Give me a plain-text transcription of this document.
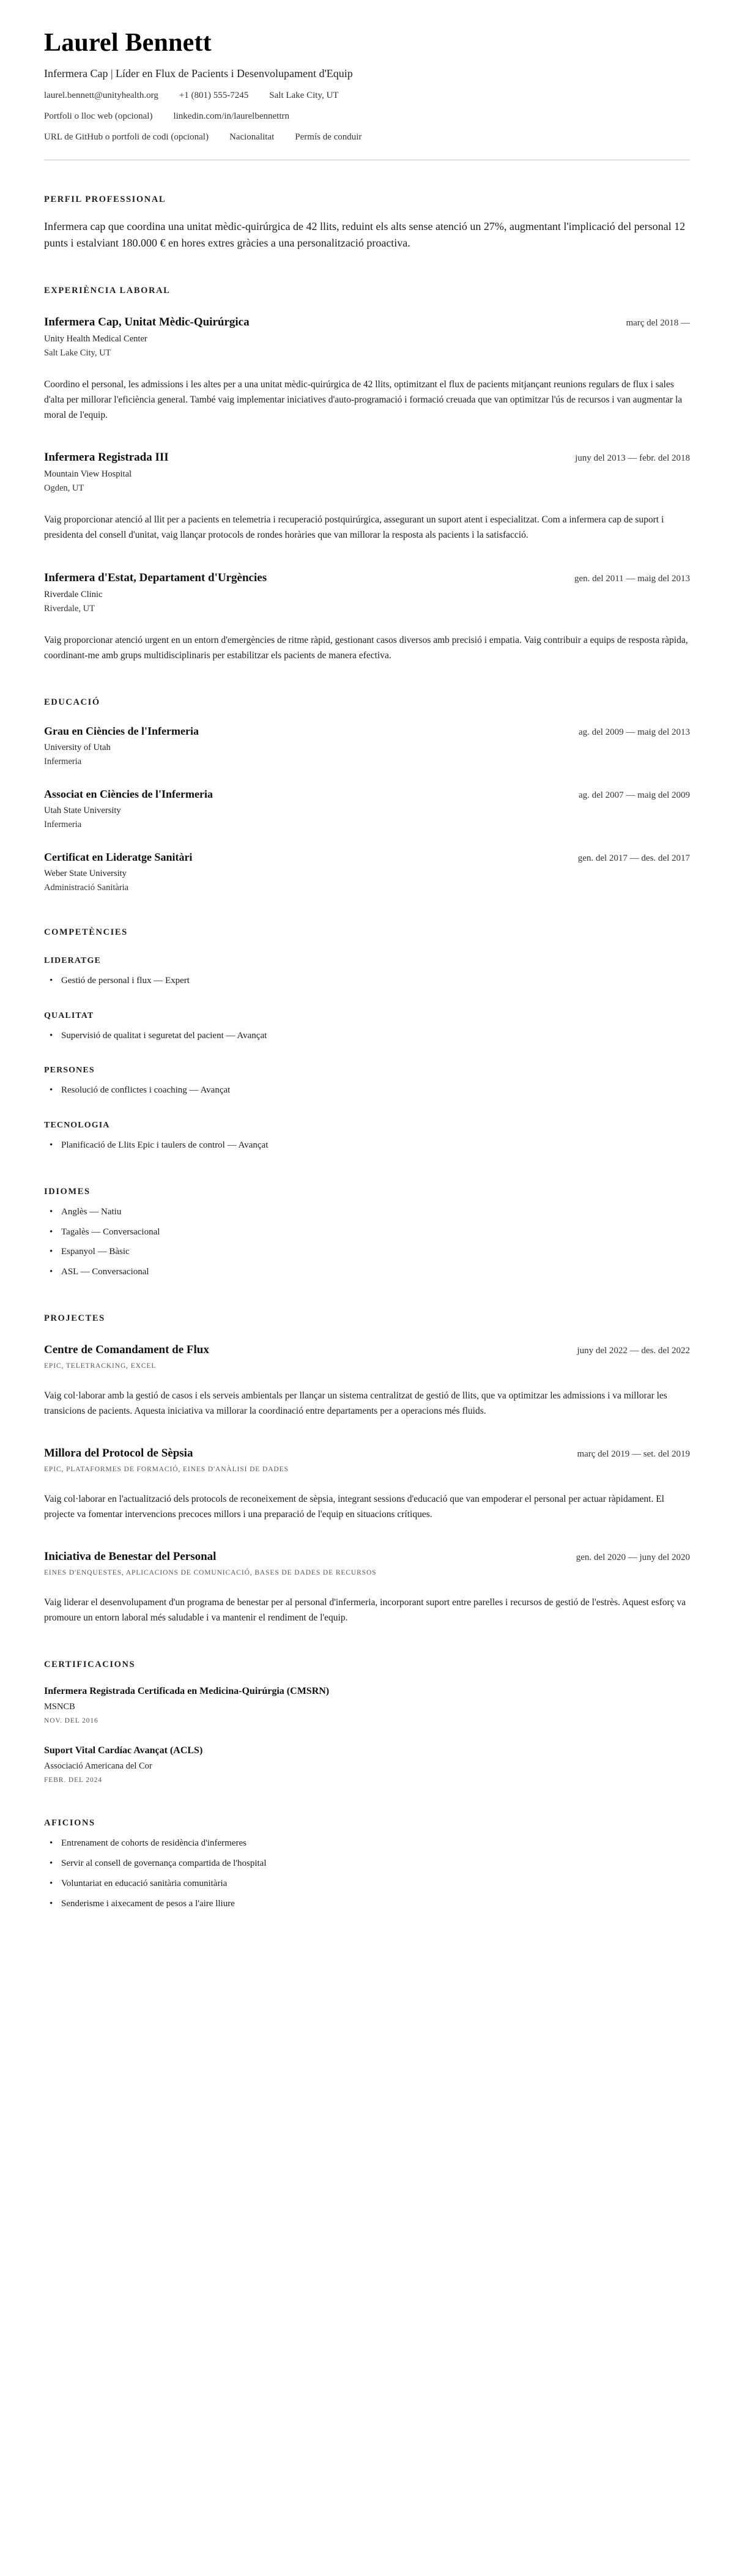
Laurel Bennett

Infermera Cap | Líder en Flux de Pacients i Desenvolupament d'Equip

laurel.bennett@unityhealth.org +1 (801) 555-7245 Salt Lake City, UT
Portfoli o lloc web (opcional) linkedin.com/in/laurelbennettrn
URL de GitHub o portfoli de codi (opcional) Nacionalitat Permís de conduir
PERFIL PROFESSIONAL

Infermera cap que coordina una unitat mèdic-quirúrgica de 42 llits, reduint els alts sense atenció un 27%, augmentant l'implicació del personal 12 punts i estalviant 180.000 € en hores extres gràcies a una personalització proactiva.

EXPERIÈNCIA LABORAL
Infermera Cap, Unitat Mèdic-Quirúrgica	març del 2018 —

Unity Health Medical Center

Salt Lake City, UT

Coordino el personal, les admissions i les altes per a una unitat mèdic-quirúrgica de 42 llits, optimitzant el flux de pacients mitjançant reunions regulars de flux i sales d'alta per millorar l'eficiència general. També vaig implementar iniciatives d'auto-programació i formació creuada que van optimitzar l'ús de recursos i van augmentar la moral de l'equip.

Infermera Registrada III	juny del 2013 — febr. del 2018

Mountain View Hospital

Ogden, UT

Vaig proporcionar atenció al llit per a pacients en telemetria i recuperació postquirúrgica, assegurant un suport atent i especialitzat. Com a infermera cap de suport i presidenta del consell d'unitat, vaig llançar protocols de rondes horàries que van millorar la resposta als pacients i la satisfacció.

Infermera d'Estat, Departament d'Urgències	gen. del 2011 — maig del 2013

Riverdale Clinic

Riverdale, UT

Vaig proporcionar atenció urgent en un entorn d'emergències de ritme ràpid, gestionant casos diversos amb precisió i empatia. Vaig contribuir a equips de resposta ràpida, coordinant-me amb grups multidisciplinaris per estabilitzar els pacients de manera efectiva.

EDUCACIÓ
Grau en Ciències de l'Infermeria	ag. del 2009 — maig del 2013

University of Utah

Infermeria

Associat en Ciències de l'Infermeria	ag. del 2007 — maig del 2009

Utah State University

Infermeria

Certificat en Lideratge Sanitàri	gen. del 2017 — des. del 2017

Weber State University

Administració Sanitària

COMPETÈNCIES
LIDERATGE
• Gestió de personal i flux — Expert
QUALITAT
• Supervisió de qualitat i seguretat del pacient — Avançat
PERSONES
• Resolució de conflictes i coaching — Avançat
TECNOLOGIA
• Planificació de Llits Epic i taulers de control — Avançat
IDIOMES
• Anglès — Natiu
• Tagalès — Conversacional
• Espanyol — Bàsic
• ASL — Conversacional
PROJECTES
Centre de Comandament de Flux	juny del 2022 — des. del 2022

EPIC, TELETRACKING, EXCEL

Vaig col·laborar amb la gestió de casos i els serveis ambientals per llançar un sistema centralitzat de gestió de llits, que va optimitzar les admissions i va millorar les transicions de pacients. Aquesta iniciativa va millorar la coordinació entre departaments per a operacions més fluids.

Millora del Protocol de Sèpsia	març del 2019 — set. del 2019

EPIC, PLATAFORMES DE FORMACIÓ, EINES D'ANÀLISI DE DADES

Vaig col·laborar en l'actualització dels protocols de reconeixement de sèpsia, integrant sessions d'educació que van empoderar el personal per actuar ràpidament. El projecte va fomentar intervencions precoces millors i una preparació de l'equip en situacions crítiques.

Iniciativa de Benestar del Personal	gen. del 2020 — juny del 2020

EINES D'ENQUESTES, APLICACIONS DE COMUNICACIÓ, BASES DE DADES DE RECURSOS

Vaig liderar el desenvolupament d'un programa de benestar per al personal d'infermeria, incorporant suport entre parelles i recursos de gestió de l'estrès. Aquest esforç va promoure un entorn laboral més saludable i va mantenir el rendiment de l'equip.

CERTIFICACIONS
Infermera Registrada Certificada en Medicina-Quirúrgia (CMSRN)

MSNCB

NOV. DEL 2016

Suport Vital Cardíac Avançat (ACLS)

Associació Americana del Cor

FEBR. DEL 2024

AFICIONS
• Entrenament de cohorts de residència d'infermeres
• Servir al consell de governança compartida de l'hospital
• Voluntariat en educació sanitària comunitària
• Senderisme i aixecament de pesos a l'aire lliure
